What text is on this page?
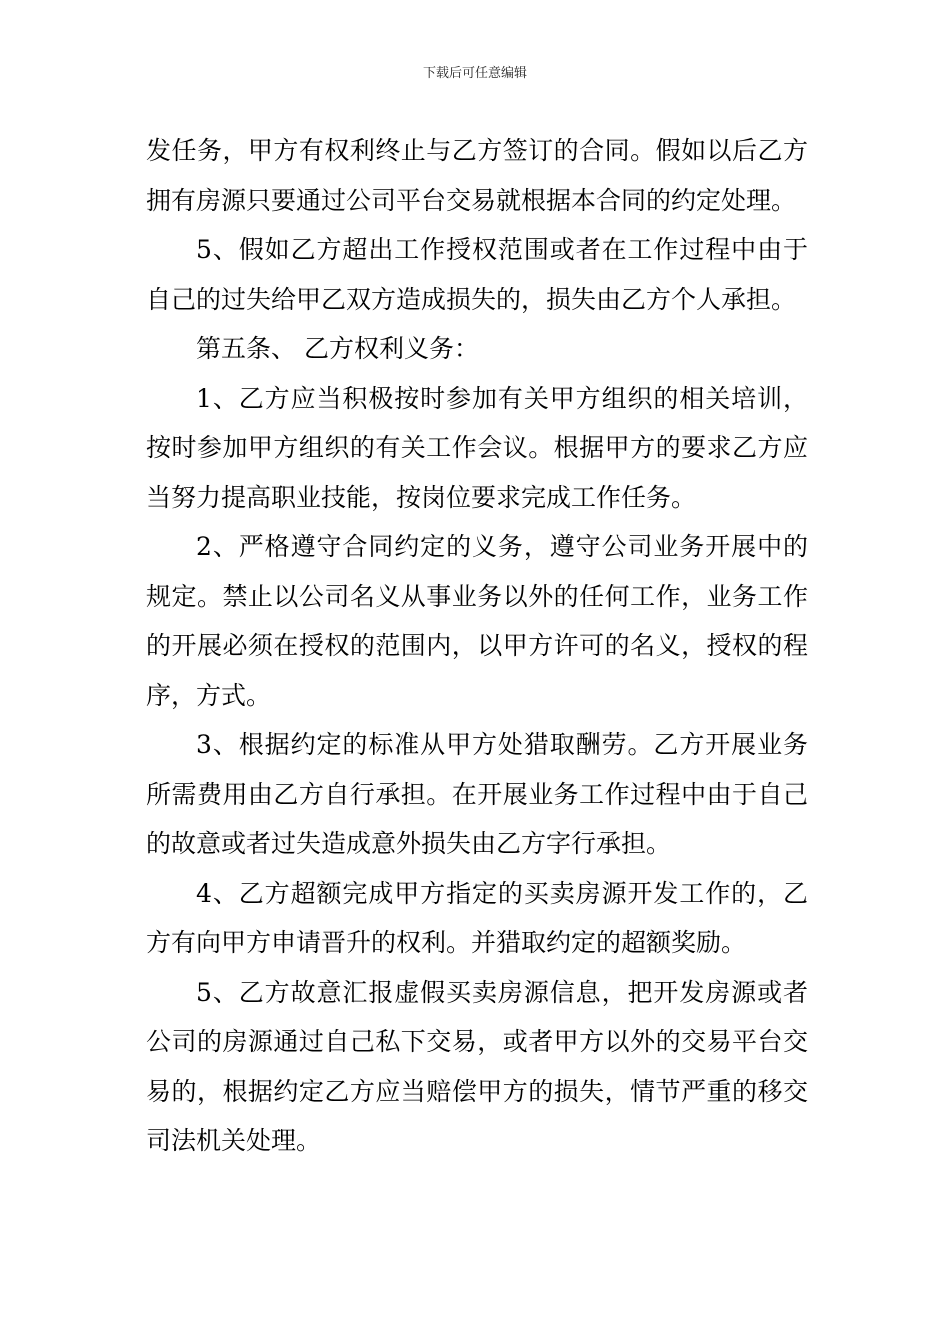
下载后可任意编辑

发任务，甲方有权利终止与乙方签订的合同。假如以后乙方拥有房源只要通过公司平台交易就根据本合同的约定处理。

5、假如乙方超出工作授权范围或者在工作过程中由于自己的过失给甲乙双方造成损失的，损失由乙方个人承担。

第五条、 乙方权利义务：

1、乙方应当积极按时参加有关甲方组织的相关培训，按时参加甲方组织的有关工作会议。根据甲方的要求乙方应当努力提高职业技能，按岗位要求完成工作任务。

2、严格遵守合同约定的义务，遵守公司业务开展中的规定。禁止以公司名义从事业务以外的任何工作，业务工作的开展必须在授权的范围内，以甲方许可的名义，授权的程序，方式。

3、根据约定的标准从甲方处猎取酬劳。乙方开展业务所需费用由乙方自行承担。在开展业务工作过程中由于自己的故意或者过失造成意外损失由乙方字行承担。

4、乙方超额完成甲方指定的买卖房源开发工作的，乙方有向甲方申请晋升的权利。并猎取约定的超额奖励。

5、乙方故意汇报虚假买卖房源信息，把开发房源或者公司的房源通过自己私下交易，或者甲方以外的交易平台交易的，根据约定乙方应当赔偿甲方的损失，情节严重的移交司法机关处理。
